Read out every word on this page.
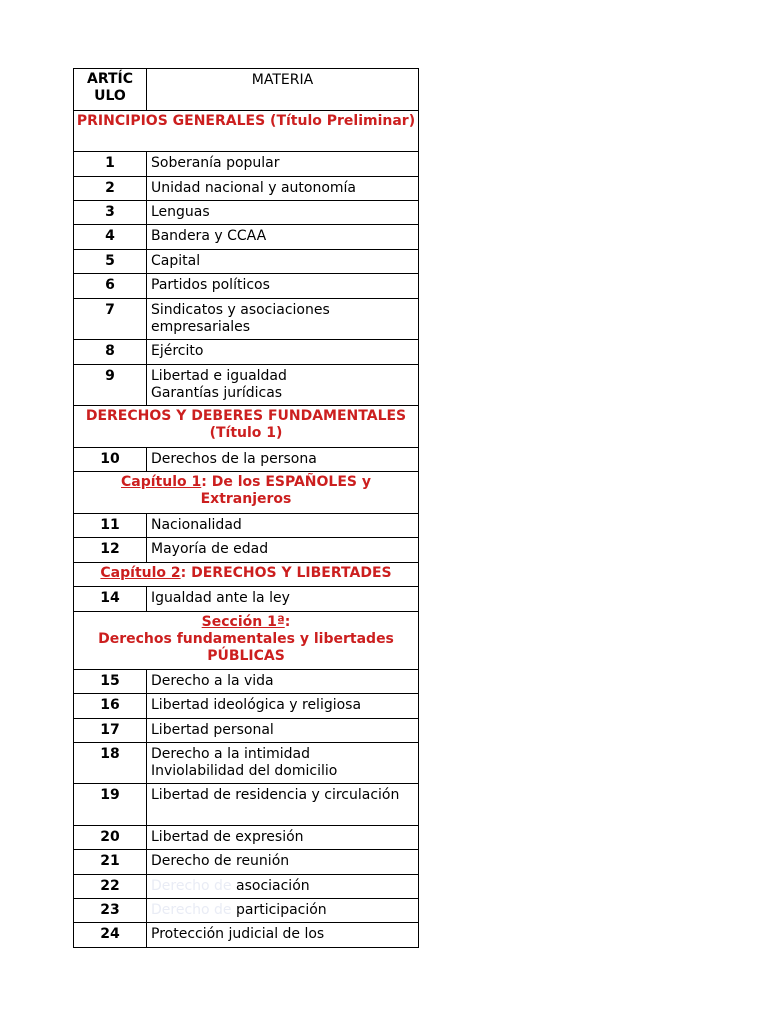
ARTÍC ULO	MATERIA
PRINCIPIOS GENERALES (Título Preliminar)	
1	Soberanía popular
2	Unidad nacional y autonomía
3	Lenguas
4	Bandera y CCAA
5	Capital
6	Partidos políticos
7	Sindicatos y asociaciones empresariales
8	Ejército
9	Libertad e igualdad
Garantías jurídicas
DERECHOS Y DEBERES FUNDAMENTALES (Título 1)	
10	Derechos de la persona
Capítulo 1: De los ESPAÑOLES y Extranjeros	
11	Nacionalidad
12	Mayoría de edad
Capítulo 2: DERECHOS Y LIBERTADES	
14	Igualdad ante la ley
Sección 1ª:
Derechos fundamentales y libertades PÚBLICAS	
15	Derecho a la vida
16	Libertad ideológica y religiosa
17	Libertad personal
18	Derecho a la intimidad
Inviolabilidad del domicilio
19	Libertad de residencia y circulación
20	Libertad de expresión
21	Derecho de reunión
22	Derecho de asociación
23	Derecho de participación
24	Protección judicial de los
